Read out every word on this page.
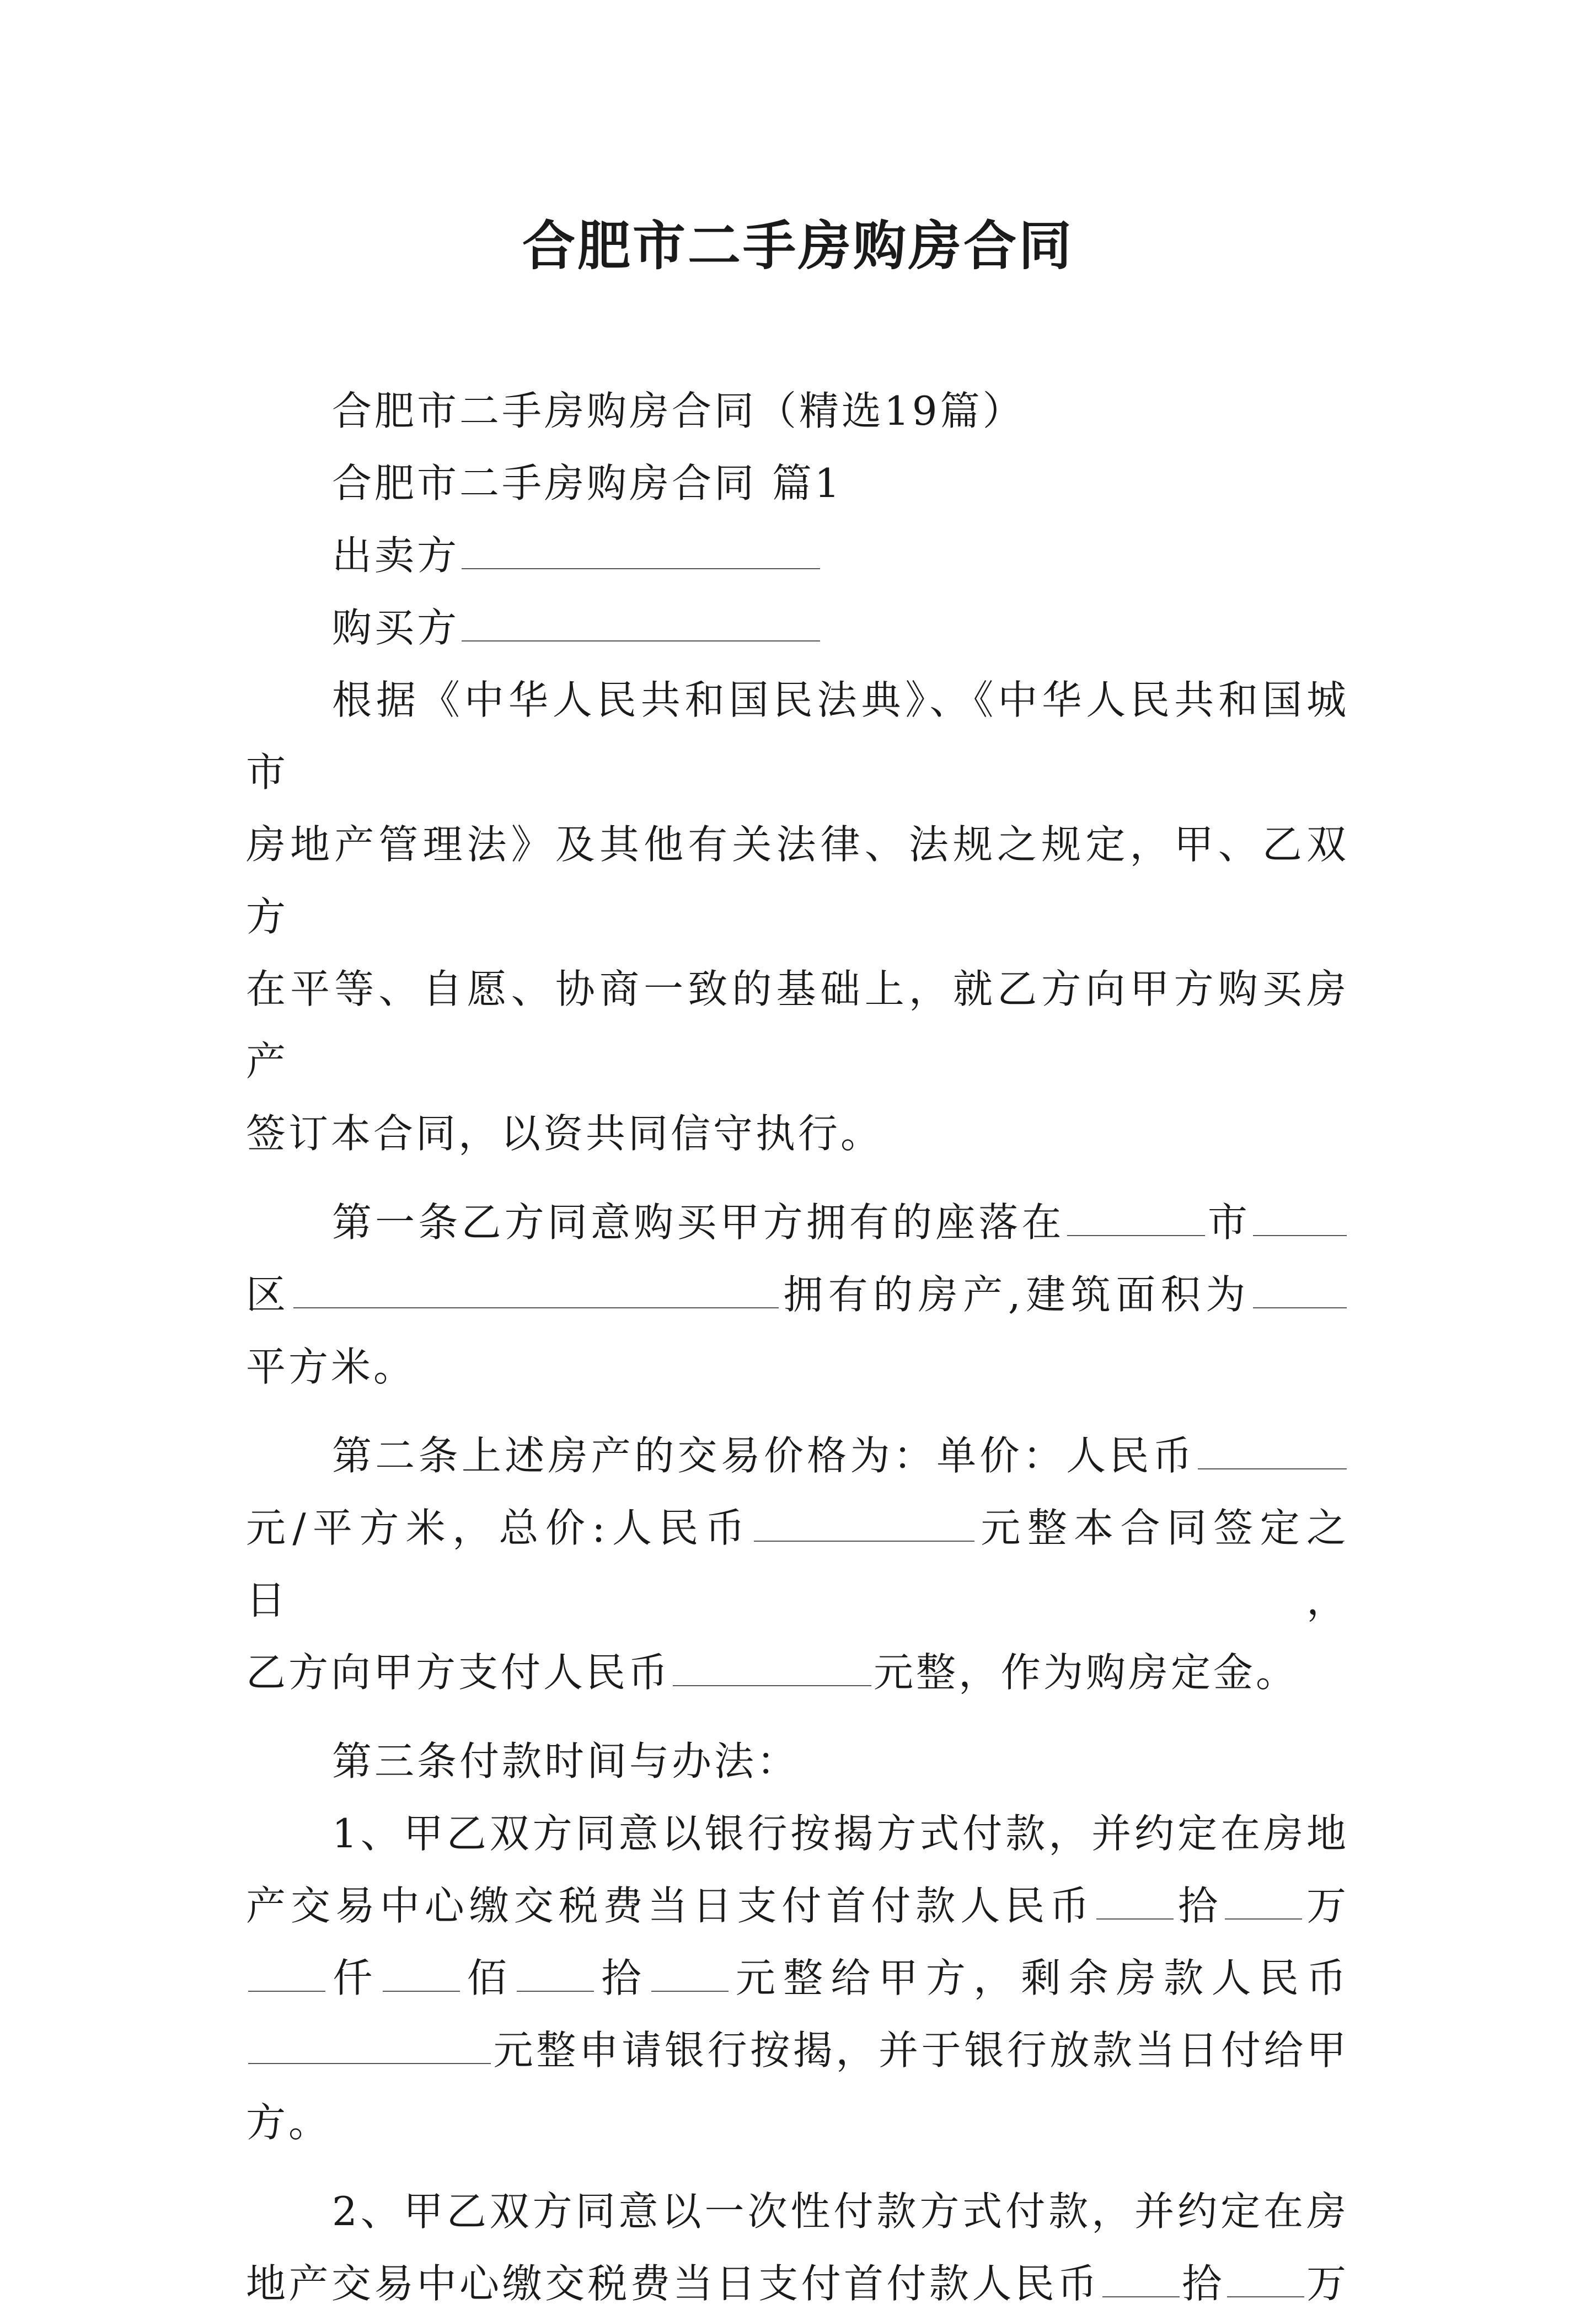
合肥市二手房购房合同

合肥市二手房购房合同（精选19篇）

合肥市二手房购房合同 篇1

出卖方

购买方

根据《中华人民共和国民法典》、《中华人民共和国城市

房地产管理法》及其他有关法律、法规之规定，甲、乙双方

在平等、自愿、协商一致的基础上，就乙方向甲方购买房产

签订本合同，以资共同信守执行。

第一条乙方同意购买甲方拥有的座落在	市

区	拥有的房产,建筑面积为

平方米。

第二条上述房产的交易价格为：单价：人民币

元/平方米，总价:人民币	元整本合同签定之日，

乙方向甲方支付人民币	元整，作为购房定金。

第三条付款时间与办法：

1、甲乙双方同意以银行按揭方式付款，并约定在房地

产交易中心缴交税费当日支付首付款人民币 拾 万

仟 佰 拾 元整给甲方，剩余房款人民币

元整申请银行按揭，并于银行放款当日付给甲

方。

2、甲乙双方同意以一次性付款方式付款，并约定在房

地产交易中心缴交税费当日支付首付款人民币 拾 万
